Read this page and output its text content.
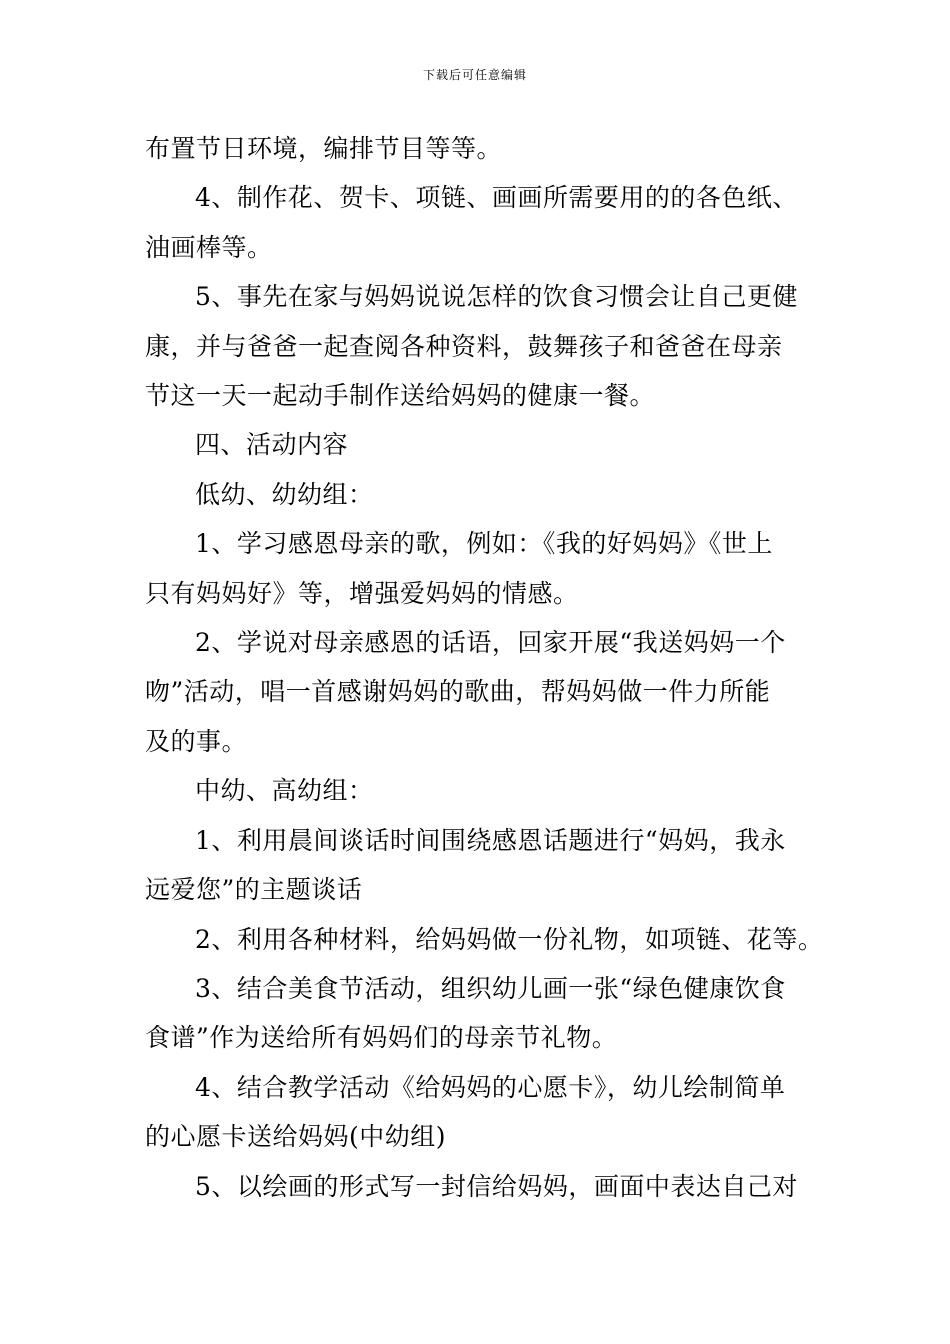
下载后可任意编辑

布置节日环境，编排节目等等。

4、制作花、贺卡、项链、画画所需要用的的各色纸、

油画棒等。

5、事先在家与妈妈说说怎样的饮食习惯会让自己更健

康，并与爸爸一起查阅各种资料，鼓舞孩子和爸爸在母亲

节这一天一起动手制作送给妈妈的健康一餐。

四、活动内容

低幼、幼幼组：

1、学习感恩母亲的歌，例如：《我的好妈妈》《世上

只有妈妈好》等，增强爱妈妈的情感。

2、学说对母亲感恩的话语，回家开展“我送妈妈一个

吻”活动，唱一首感谢妈妈的歌曲，帮妈妈做一件力所能

及的事。

中幼、高幼组：

1、利用晨间谈话时间围绕感恩话题进行“妈妈，我永

远爱您”的主题谈话

2、利用各种材料，给妈妈做一份礼物，如项链、花等。

3、结合美食节活动，组织幼儿画一张“绿色健康饮食

食谱”作为送给所有妈妈们的母亲节礼物。

4、结合教学活动《给妈妈的心愿卡》，幼儿绘制简单

的心愿卡送给妈妈(中幼组)

5、以绘画的形式写一封信给妈妈，画面中表达自己对
